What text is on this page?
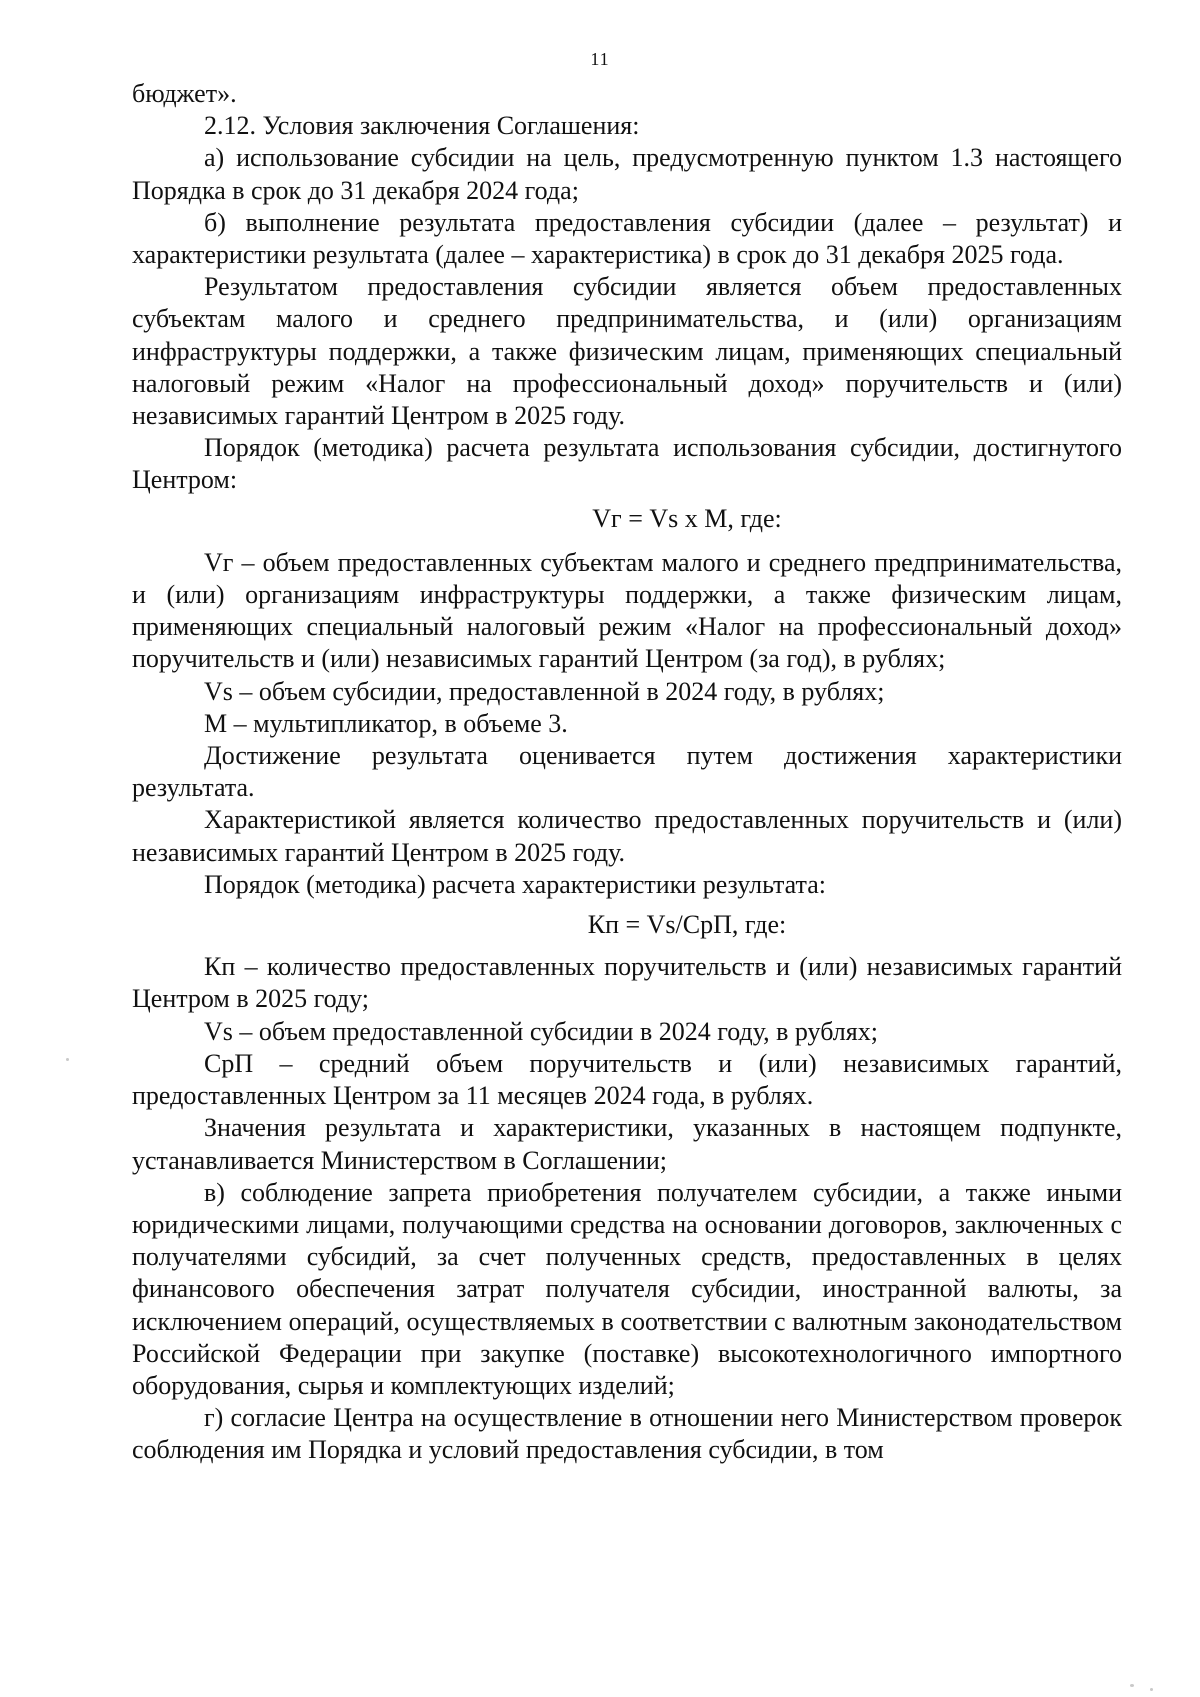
11

бюджет».

2.12. Условия заключения Соглашения:

а) использование субсидии на цель, предусмотренную пунктом 1.3 настоящего Порядка в срок до 31 декабря 2024 года;

б) выполнение результата предоставления субсидии (далее – результат) и характеристики результата (далее – характеристика) в срок до 31 декабря 2025 года.

Результатом предоставления субсидии является объем предоставленных субъектам малого и среднего предпринимательства, и (или) организациям инфраструктуры поддержки, а также физическим лицам, применяющих специальный налоговый режим «Налог на профессиональный доход» поручительств и (или) независимых гарантий Центром в 2025 году.

Порядок (методика) расчета результата использования субсидии, достигнутого Центром:

Vг = Vs х М, где:

Vг – объем предоставленных субъектам малого и среднего предпринимательства, и (или) организациям инфраструктуры поддержки, а также физическим лицам, применяющих специальный налоговый режим «Налог на профессиональный доход» поручительств и (или) независимых гарантий Центром (за год), в рублях;

Vs – объем субсидии, предоставленной в 2024 году, в рублях;

М – мультипликатор, в объеме 3.

Достижение результата оценивается путем достижения характеристики результата.

Характеристикой является количество предоставленных поручительств и (или) независимых гарантий Центром в 2025 году.

Порядок (методика) расчета характеристики результата:

Кп = Vs/СрП, где:

Кп – количество предоставленных поручительств и (или) независимых гарантий Центром в 2025 году;

Vs – объем предоставленной субсидии в 2024 году, в рублях;

СрП – средний объем поручительств и (или) независимых гарантий, предоставленных Центром за 11 месяцев 2024 года, в рублях.

Значения результата и характеристики, указанных в настоящем подпункте, устанавливается Министерством в Соглашении;

в) соблюдение запрета приобретения получателем субсидии, а также иными юридическими лицами, получающими средства на основании договоров, заключенных с получателями субсидий, за счет полученных средств, предоставленных в целях финансового обеспечения затрат получателя субсидии, иностранной валюты, за исключением операций, осуществляемых в соответствии с валютным законодательством Российской Федерации при закупке (поставке) высокотехнологичного импортного оборудования, сырья и комплектующих изделий;

г) согласие Центра на осуществление в отношении него Министерством проверок соблюдения им Порядка и условий предоставления субсидии, в том
